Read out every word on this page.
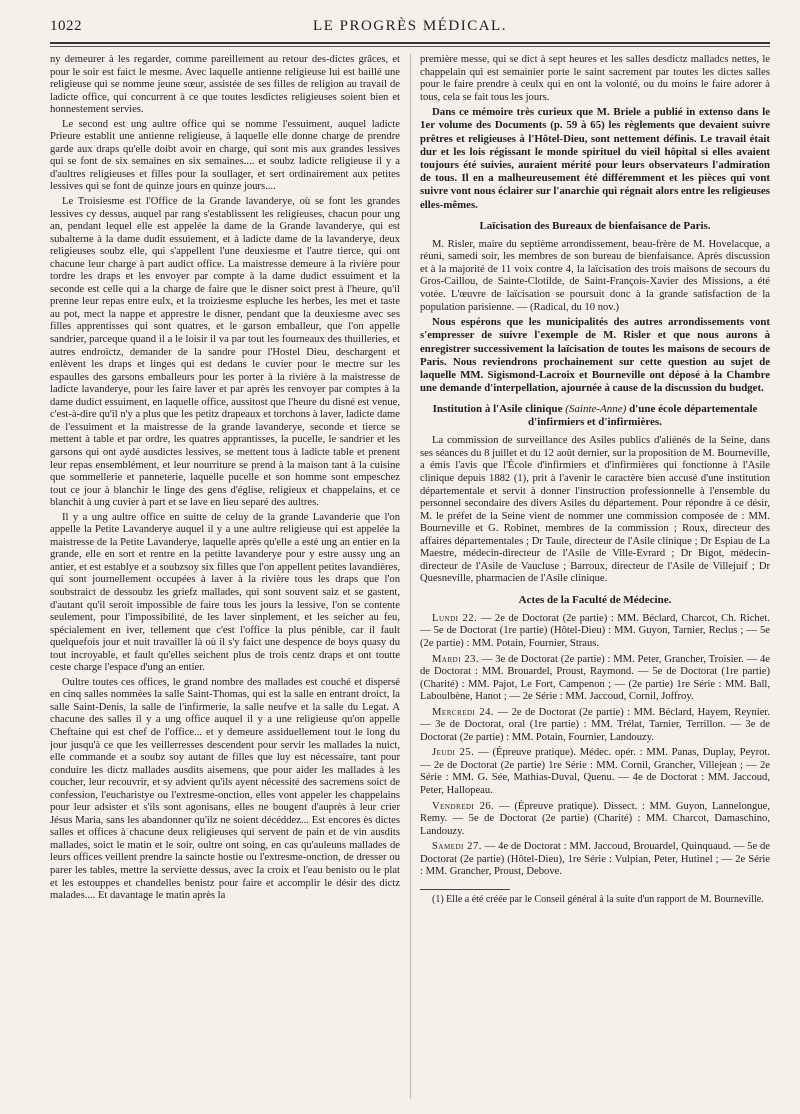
1022	LE PROGRÈS MÉDICAL.

ny demeurer à les regarder, comme pareillement au retour des-dictes grâces, et pour le soir est faict le mesme. Avec laquelle antienne religieuse lui est baillé une religieuse qui se nomme jeune sœur, assistée de ses filles de religion au travail de ladicte office, qui concurrent à ce que toutes lesdictes religieuses soient bien et honnestement servies.

Le second est ung aultre office qui se nomme l'essuiment, auquel ladicte Prieure establit une antienne religieuse, à laquelle elle donne charge de prendre garde aux draps qu'elle doibt avoir en charge, qui sont mis aux grandes lessives qui se font de six semaines en six semaines.... et soubz ladicte religieuse il y a d'aultres religieuses et filles pour la soullager, et sert ordinairement aux petites lessives qui se font de quinze jours en quinze jours....

Le Troisiesme est l'Office de la Grande lavanderye, où se font les grandes lessives cy dessus, auquel par rang s'establissent les religieuses, chacun pour ung an, pendant lequel elle est appelée la dame de la Grande lavanderye, qui est subalterne à la dame dudit essuiement, et à ladicte dame de la lavanderye, deux religieuses soubz elle, qui s'appellent l'une deuxiesme et l'autre tierce, qui ont chacune leur charge à part audict office. La maistresse demeure à la rivière pour tordre les draps et les envoyer par compte à la dame dudict essuiment et la seconde est celle qui a la charge de faire que le disner soict prest à l'heure, qu'il prenne leur repas entre eulx, et la troiziesme espluche les herbes, les met et taste au pot, mect la nappe et apprestre le disner, pendant que la deuxiesme avec ses filles apprentisses qui sont quatres, et le garson emballeur, que l'on appelle sandrier, parceque quand il a le loisir il va par tout les fourneaux des thuilleries, et autres endroictz, demander de la sandre pour l'Hostel Dieu, deschargent et enlèvent les draps et linges qui est dedans le cuvier pour le mectre sur les espaulles des garsons emballeurs pour les porter à la rivière à la maistresse de ladicte lavanderye, pour les faire laver et par après les renvoyer par comptes à la dame dudict essuiment, en laquelle office, aussitost que l'heure du disné est venue, c'est-à-dire qu'il n'y a plus que les petitz drapeaux et torchons à laver, ladicte dame de l'essuiment et la maistresse de la grande lavanderye, seconde et tierce se mettent à table et par ordre, les quatres apprantisses, la pucelle, le sandrier et les garsons qui ont aydé ausdictes lessives, se mettent tous à ladicte table et prenent leur repas ensemblément, et leur nourriture se prend à la maison tant à la cuisine que sommellerie et panneterie, laquelle pucelle et son homme sont empeschez tout ce jour à blanchir le linge des gens d'église, religieux et chappelains, et ce blanchit à ung cuvier à part et se lave en lieu separé des aultres.

Il y a ung aultre office en suitte de celuy de la grande Lavanderie que l'on appelle la Petite Lavanderye auquel il y a une aultre religieuse qui est appelée la maistresse de la Petite Lavanderye, laquelle après qu'elle a esté ung an entier en la grande, elle en sort et rentre en la petitte lavanderye pour y estre aussy ung an antier, et est establye et a soubzsoy six filles que l'on appellent petites lavandières, qui sont journellement occupées à laver à la rivière tous les draps que l'on soubstraict de dessoubz les griefz mallades, qui sont souvent saiz et se gastent, d'autant qu'il seroit impossible de faire tous les jours la lessive, l'on se contente seulement, pour l'impossibilité, de les laver sinplement, et les seicher au feu, spécialement en iver, tellement que c'est l'office la plus pénible, car il fault quelquefois jour et nuit travailler là où il s'y faict une despence de boys quasy du tout incroyable, et fault qu'elles seichent plus de trois centz draps et ont toutte ceste charge l'espace d'ung an entier.

Oultre toutes ces offices, le grand nombre des mallades est couché et dispersé en cinq salles nommées la salle Saint-Thomas, qui est la salle en entrant droict, la salle Saint-Denis, la salle de l'infirmerie, la salle neufve et la salle du Legat. A chacune des salles il y a ung office auquel il y a une religieuse qu'on appelle Cheftaine qui est chef de l'office... et y demeure assiduellement tout le long du jour jusqu'à ce que les veillerresses descendent pour servir les mallades la nuict, elle commande et a soubz soy autant de filles que luy est nécessaire, tant pour conduire les dictz mallades ausdits aisemens, que pour aider les mallades à les coucher, leur recouvrir, et sy advient qu'ils ayent nécessité des sacremens soict de confession, l'eucharistye ou l'extresme-onction, elles vont appeler les chappelains pour leur adsister et s'ils sont agonisans, elles ne bougent d'auprès à leur crier Jésus Maria, sans les abandonner qu'ilz ne soient décéddez... Est encores ès dictes salles et offices à chacune deux religieuses qui servent de pain et de vin ausdits mallades, soict le matin et le soir, oultre ont soing, en cas qu'auleuns mallades de leurs offices veillent prendre la saincte hostie ou l'extresme-onction, de dresser ou parer les tables, mettre la serviette dessus, avec la croix et l'eau benisto ou le plat et les estouppes et chandelles benistz pour faire et accomplir le désir des dictz malades.... Et davantage le matin après la

première messe, qui se dict à sept heures et les salles desdictz malladcs nettes, le chappelain qui est semainier porte le saint sacrement par toutes les dictes salles pour le faire prendre à ceulx qui en ont la volonté, ou du moins le faire adorer à tous, cela se fait tous les jours.

Dans ce mémoire très curieux que M. Briele a publié in extenso dans le 1er volume des Documents (p. 59 à 65) les règlements que devaient suivre prêtres et religieuses à l'Hôtel-Dieu, sont nettement définis. Le travail était dur et les lois régissant le monde spirituel du vieil hôpital si elles avaient toujours été suivies, auraient mérité pour leurs observateurs l'admiration de tous. Il en a malheureusement été différemment et les pièces qui vont suivre vont nous éclairer sur l'anarchie qui régnait alors entre les religieuses elles-mêmes.

Laïcisation des Bureaux de bienfaisance de Paris.

M. Risler, maire du septième arrondissement, beau-frère de M. Hovelacque, a réuni, samedi soir, les membres de son bureau de bienfaisance. Après discussion et à la majorité de 11 voix contre 4, la laïcisation des trois maisons de secours du Gros-Caillou, de Sainte-Clotilde, de Saint-François-Xavier des Missions, a été votée. L'œuvre de laïcisation se poursuit donc à la grande satisfaction de la population parisienne. — (Radical, du 10 nov.)

Nous espérons que les municipalités des autres arrondissements vont s'empresser de suivre l'exemple de M. Risler et que nous aurons à enregistrer successivement la laïcisation de toutes les maisons de secours de Paris. Nous reviendrons prochainement sur cette question au sujet de laquelle MM. Sigismond-Lacroix et Bourneville ont déposé à la Chambre une demande d'interpellation, ajournée à cause de la discussion du budget.

Institution à l'Asile clinique (Sainte-Anne) d'une école départementale d'infirmiers et d'infirmières.

La commission de surveillance des Asiles publics d'aliénés de la Seine, dans ses séances du 8 juillet et du 12 août dernier, sur la proposition de M. Bourneville, a émis l'avis que l'École d'infirmiers et d'infirmières qui fonctionne à l'Asile clinique depuis 1882 (1), prit à l'avenir le caractère bien accusé d'une institution départementale et servit à donner l'instruction professionnelle à l'ensemble du personnel secondaire des divers Asiles du département. Pour répondre à ce désir, M. le préfet de la Seine vient de nommer une commission composée de : MM. Bourneville et G. Robinet, membres de la commission ; Roux, directeur des affaires départementales ; Dr Taule, directeur de l'Asile clinique ; Dr Espiau de La Maestre, médecin-directeur de l'Asile de Ville-Evrard ; Dr Bigot, médecin-directeur de l'Asile de Vaucluse ; Barroux, directeur de l'Asile de Villejuif ; Dr Quesneville, pharmacien de l'Asile clinique.

Actes de la Faculté de Médecine.

Lundi 22. — 2e de Doctorat (2e partie) : MM. Béclard, Charcot, Ch. Richet. — 5e de Doctorat (1re partie) (Hôtel-Dieu) : MM. Guyon, Tarnier, Reclus ; — 5e (2e partie) : MM. Potain, Fournier, Straus.

Mardi 23. — 3e de Doctorat (2e partie) : MM. Peter, Grancher, Troisier. — 4e de Doctorat : MM. Brouardel, Proust, Raymond. — 5e de Doctorat (1re partie) (Charité) : MM. Pajot, Le Fort, Campenon ; — (2e partie) 1re Série : MM. Ball, Laboulbène, Hanot ; — 2e Série : MM. Jaccoud, Cornil, Joffroy.

Mercredi 24. — 2e de Doctorat (2e partie) : MM. Béclard, Hayem, Reynier. — 3e de Doctorat, oral (1re partie) : MM. Trélat, Tarnier, Terrillon. — 3e de Doctorat (2e partie) : MM. Potain, Fournier, Landouzy.

Jeudi 25. — (Épreuve pratique). Médec. opér. : MM. Panas, Duplay, Peyrot. — 2e de Doctorat (2e partie) 1re Série : MM. Cornil, Grancher, Villejean ; — 2e Série : MM. G. Sée, Mathias-Duval, Quenu. — 4e de Doctorat : MM. Jaccoud, Peter, Hallopeau.

Vendredi 26. — (Épreuve pratique). Dissect. : MM. Guyon, Lannelongue, Remy. — 5e de Doctorat (2e partie) (Charité) : MM. Charcot, Damaschino, Landouzy.

Samedi 27. — 4e de Doctorat : MM. Jaccoud, Brouardel, Quinquaud. — 5e de Doctorat (2e partie) (Hôtel-Dieu), 1re Série : Vulpian, Peter, Hutinel ; — 2e Série : MM. Grancher, Proust, Debove.

(1) Elle a été créée par le Conseil général à la suite d'un rapport de M. Bourneville.
